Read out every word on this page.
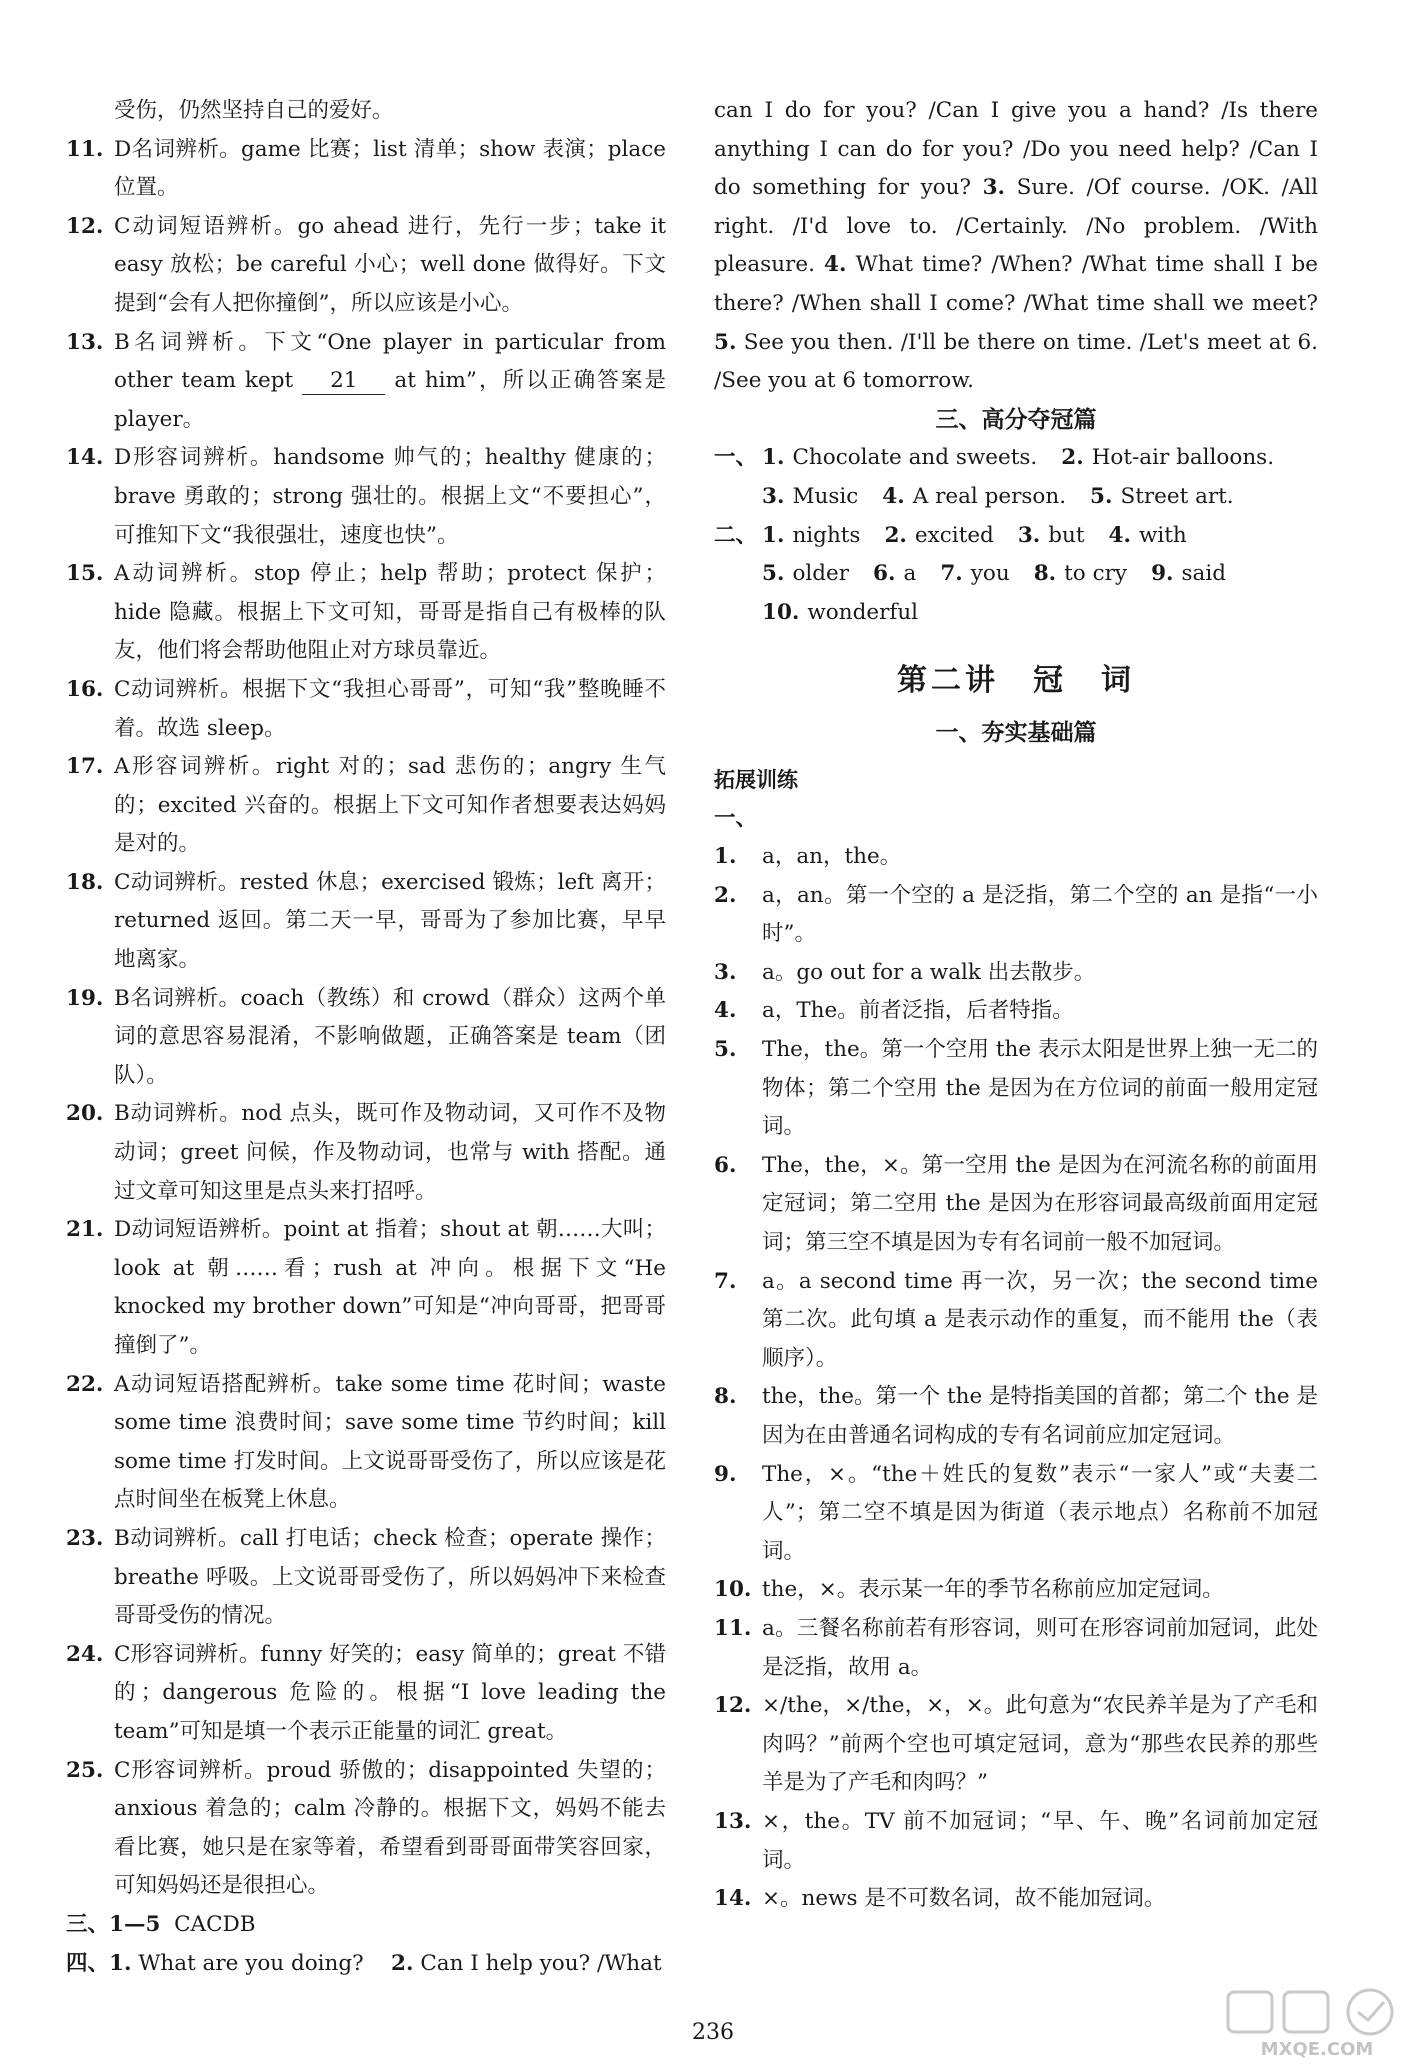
受伤，仍然坚持自己的爱好。
11. D名词辨析。game 比赛；list 清单；show 表演；place 位置。
12. C动词短语辨析。go ahead 进行，先行一步；take it easy 放松；be careful 小心；well done 做得好。下文提到“会有人把你撞倒”，所以应该是小心。
13. B名词辨析。下文“One player in particular from other team kept 21 at him”，所以正确答案是player。
14. D形容词辨析。handsome 帅气的；healthy 健康的；brave 勇敢的；strong 强壮的。根据上文“不要担心”，可推知下文“我很强壮，速度也快”。
15. A动词辨析。stop 停止；help 帮助；protect 保护；hide 隐藏。根据上下文可知，哥哥是指自己有极棒的队友，他们将会帮助他阻止对方球员靠近。
16. C动词辨析。根据下文“我担心哥哥”，可知“我”整晚睡不着。故选 sleep。
17. A形容词辨析。right 对的；sad 悲伤的；angry 生气的；excited 兴奋的。根据上下文可知作者想要表达妈妈是对的。
18. C动词辨析。rested 休息；exercised 锻炼；left 离开；returned 返回。第二天一早，哥哥为了参加比赛，早早地离家。
19. B名词辨析。coach（教练）和 crowd（群众）这两个单词的意思容易混淆，不影响做题，正确答案是 team（团队）。
20. B动词辨析。nod 点头，既可作及物动词，又可作不及物动词；greet 问候，作及物动词，也常与 with 搭配。通过文章可知这里是点头来打招呼。
21. D动词短语辨析。point at 指着；shout at 朝……大叫；look at 朝……看；rush at 冲向。根据下文“He knocked my brother down”可知是“冲向哥哥，把哥哥撞倒了”。
22. A动词短语搭配辨析。take some time 花时间；waste some time 浪费时间；save some time 节约时间；kill some time 打发时间。上文说哥哥受伤了，所以应该是花点时间坐在板凳上休息。
23. B动词辨析。call 打电话；check 检查；operate 操作；breathe 呼吸。上文说哥哥受伤了，所以妈妈冲下来检查哥哥受伤的情况。
24. C形容词辨析。funny 好笑的；easy 简单的；great 不错的；dangerous 危险的。根据“I love leading the team”可知是填一个表示正能量的词汇 great。
25. C形容词辨析。proud 骄傲的；disappointed 失望的；anxious 着急的；calm 冷静的。根据下文，妈妈不能去看比赛，她只是在家等着，希望看到哥哥面带笑容回家，可知妈妈还是很担心。
三、 1—5 CACDB
四、 1. What are you doing? 2. Can I help you? /What
can I do for you? /Can I give you a hand? /Is there anything I can do for you? /Do you need help? /Can I do something for you? 3. Sure. /Of course. /OK. /All right. /I'd love to. /Certainly. /No problem. /With pleasure. 4. What time? /When? /What time shall I be there? /When shall I come? /What time shall we meet? 5. See you then. /I'll be there on time. /Let's meet at 6. /See you at 6 tomorrow.
三、高分夺冠篇
一、 1. Chocolate and sweets. 2. Hot-air balloons.
3. Music 4. A real person. 5. Street art.
二、 1. nights 2. excited 3. but 4. with
5. older 6. a 7. you 8. to cry 9. said
10. wonderful
第二讲　冠　词
一、夯实基础篇
拓展训练
一、
1.	a，an，the。
2.	a，an。第一个空的 a 是泛指，第二个空的 an 是指“一小时”。
3.	a。go out for a walk 出去散步。
4.	a，The。前者泛指，后者特指。
5.	The，the。第一个空用 the 表示太阳是世界上独一无二的物体；第二个空用 the 是因为在方位词的前面一般用定冠词。
6.	The，the，×。第一空用 the 是因为在河流名称的前面用定冠词；第二空用 the 是因为在形容词最高级前面用定冠词；第三空不填是因为专有名词前一般不加冠词。
7.	a。a second time 再一次，另一次；the second time 第二次。此句填 a 是表示动作的重复，而不能用 the（表顺序）。
8.	the，the。第一个 the 是特指美国的首都；第二个 the 是因为在由普通名词构成的专有名词前应加定冠词。
9.	The，×。“the＋姓氏的复数”表示“一家人”或“夫妻二人”；第二空不填是因为街道（表示地点）名称前不加冠词。
10. the，×。表示某一年的季节名称前应加定冠词。
11. a。三餐名称前若有形容词，则可在形容词前加冠词，此处是泛指，故用 a。
12. ×/the，×/the，×，×。此句意为“农民养羊是为了产毛和肉吗？”前两个空也可填定冠词，意为“那些农民养的那些羊是为了产毛和肉吗？”
13. ×，the。TV 前不加冠词；“早、午、晚”名词前加定冠词。
14. ×。news 是不可数名词，故不能加冠词。
236
MXQE.COM
